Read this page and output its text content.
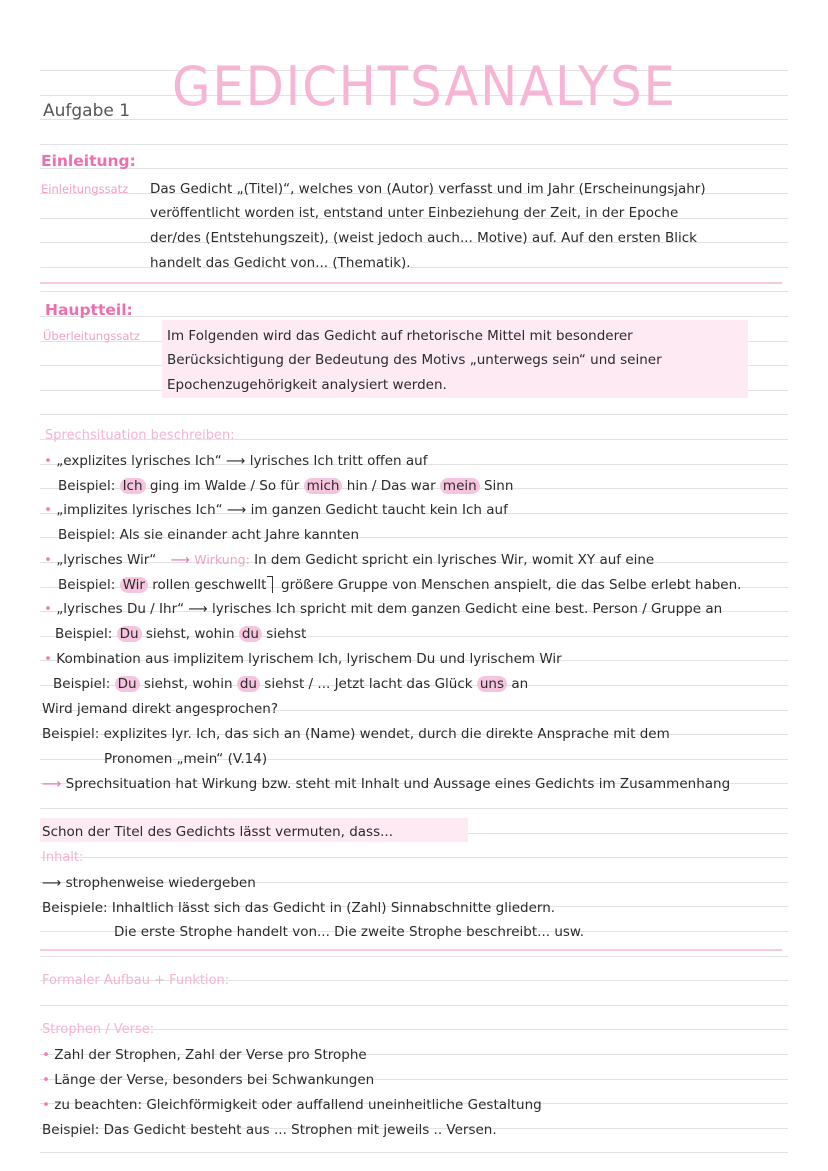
Aufgabe 1 GEDICHTSANALYSE
Einleitung:
Einleitungssatz Das Gedicht „(Titel)“, welches von (Autor) verfasst und im Jahr (Erscheinungsjahr)
veröffentlicht worden ist, entstand unter Einbeziehung der Zeit, in der Epoche
der/des (Entstehungszeit), (weist jedoch auch... Motive) auf. Auf den ersten Blick
handelt das Gedicht von... (Thematik).
Hauptteil:
Überleitungssatz Im Folgenden wird das Gedicht auf rhetorische Mittel mit besonderer
Berücksichtigung der Bedeutung des Motivs „unterwegs sein“ und seiner
Epochenzugehörigkeit analysiert werden.
Sprechsituation beschreiben:
• „explizites lyrisches Ich“ ⟶ lyrisches Ich tritt offen auf
Beispiel: Ich ging im Walde / So für mich hin / Das war mein Sinn
• „implizites lyrisches Ich“ ⟶ im ganzen Gedicht taucht kein Ich auf
Beispiel: Als sie einander acht Jahre kannten
• „lyrisches Wir“ ⟶ Wirkung: In dem Gedicht spricht ein lyrisches Wir, womit XY auf eine
Beispiel: Wir rollen geschwellt größere Gruppe von Menschen anspielt, die das Selbe erlebt haben.
• „lyrisches Du / Ihr“ ⟶ lyrisches Ich spricht mit dem ganzen Gedicht eine best. Person / Gruppe an
Beispiel: Du siehst, wohin du siehst
• Kombination aus implizitem lyrischem Ich, lyrischem Du und lyrischem Wir
Beispiel: Du siehst, wohin du siehst / ... Jetzt lacht das Glück uns an
Wird jemand direkt angesprochen?
Beispiel: explizites lyr. Ich, das sich an (Name) wendet, durch die direkte Ansprache mit dem
Pronomen „mein“ (V.14)
⟶ Sprechsituation hat Wirkung bzw. steht mit Inhalt und Aussage eines Gedichts im Zusammenhang
Schon der Titel des Gedichts lässt vermuten, dass...
Inhalt:
⟶ strophenweise wiedergeben
Beispiele: Inhaltlich lässt sich das Gedicht in (Zahl) Sinnabschnitte gliedern.
Die erste Strophe handelt von... Die zweite Strophe beschreibt... usw.
Formaler Aufbau + Funktion:
Strophen / Verse:
• Zahl der Strophen, Zahl der Verse pro Strophe
• Länge der Verse, besonders bei Schwankungen
• zu beachten: Gleichförmigkeit oder auffallend uneinheitliche Gestaltung
Beispiel: Das Gedicht besteht aus ... Strophen mit jeweils .. Versen.
